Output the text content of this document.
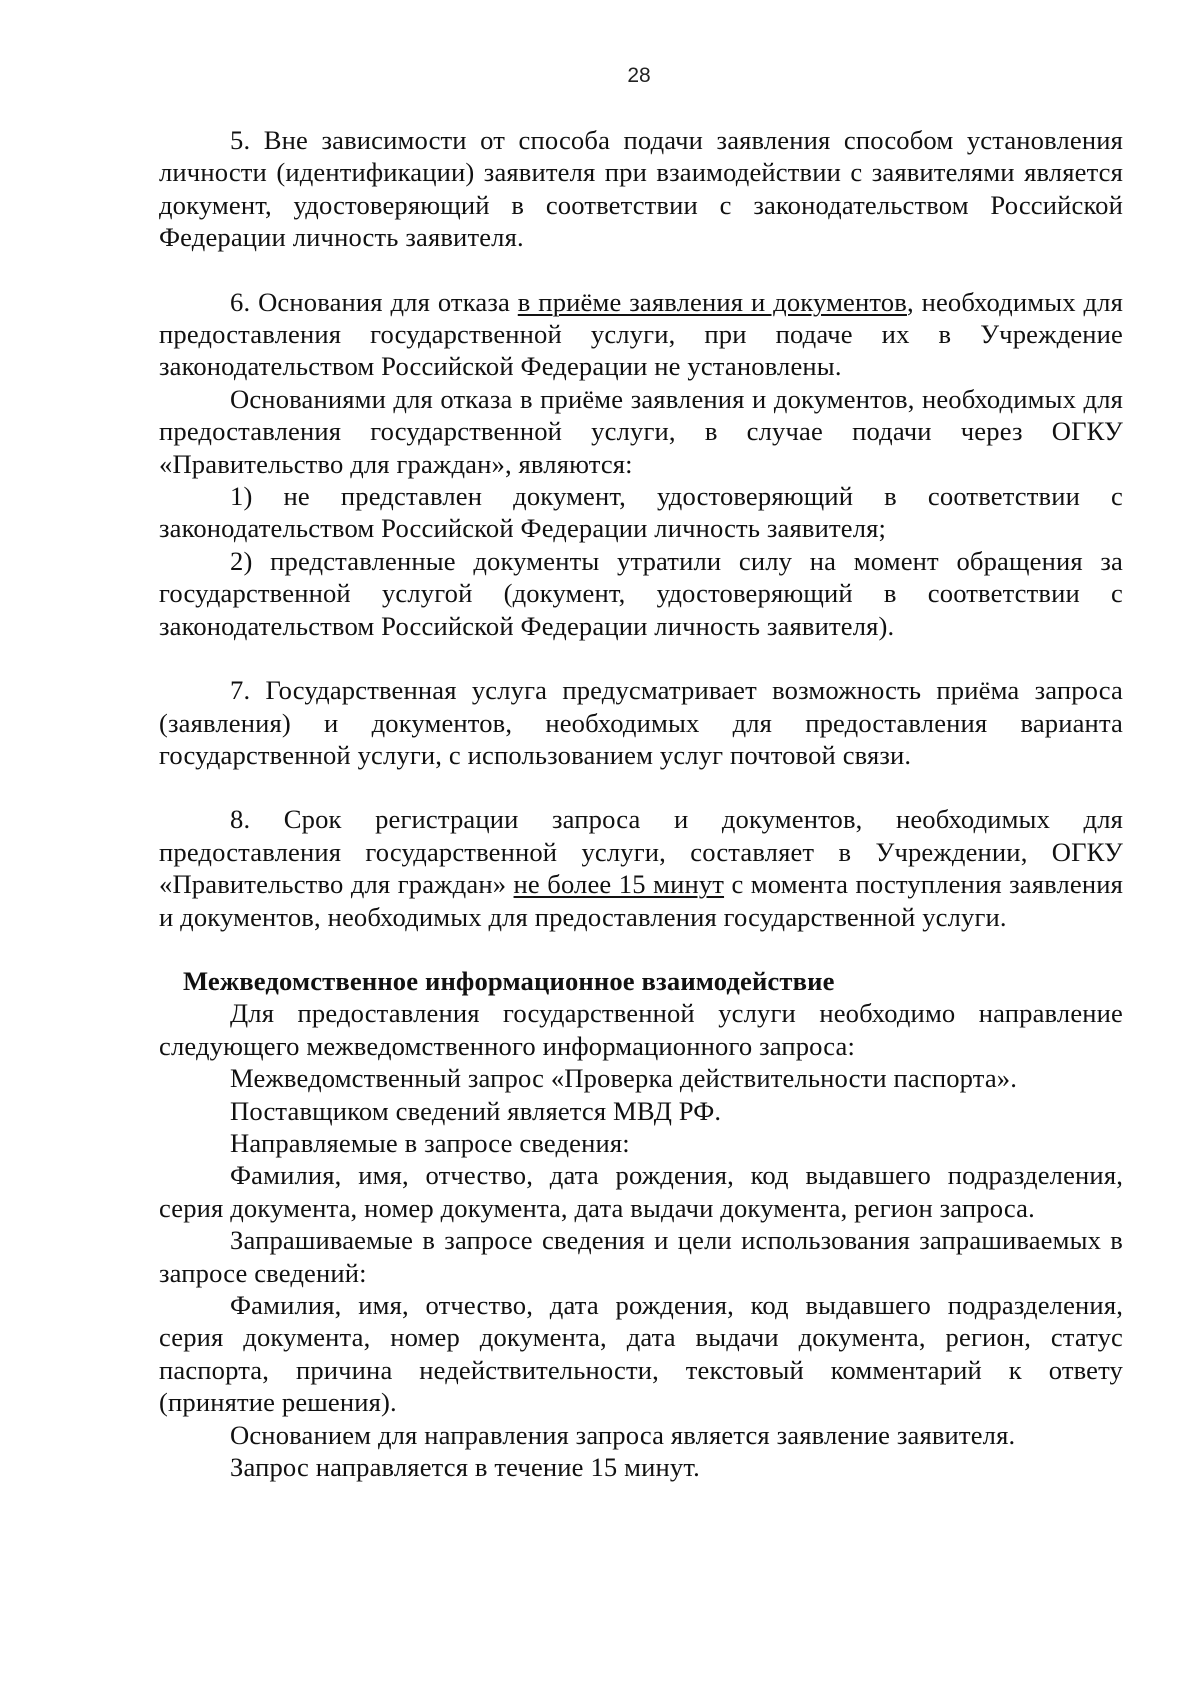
28

5. Вне зависимости от способа подачи заявления способом установления личности (идентификации) заявителя при взаимодействии с заявителями является документ, удостоверяющий в соответствии с законодательством Российской Федерации личность заявителя.

6. Основания для отказа в приёме заявления и документов, необходимых для предоставления государственной услуги, при подаче их в Учреждение законодательством Российской Федерации не установлены.

Основаниями для отказа в приёме заявления и документов, необходимых для предоставления государственной услуги, в случае подачи через ОГКУ «Правительство для граждан», являются:

1) не представлен документ, удостоверяющий в соответствии с законодательством Российской Федерации личность заявителя;

2) представленные документы утратили силу на момент обращения за государственной услугой (документ, удостоверяющий в соответствии с законодательством Российской Федерации личность заявителя).

7. Государственная услуга предусматривает возможность приёма запроса (заявления) и документов, необходимых для предоставления варианта государственной услуги, с использованием услуг почтовой связи.

8. Срок регистрации запроса и документов, необходимых для предоставления государственной услуги, составляет в Учреждении, ОГКУ «Правительство для граждан» не более 15 минут с момента поступления заявления и документов, необходимых для предоставления государственной услуги.

Межведомственное информационное взаимодействие

Для предоставления государственной услуги необходимо направление следующего межведомственного информационного запроса:

Межведомственный запрос «Проверка действительности паспорта».

Поставщиком сведений является МВД РФ.

Направляемые в запросе сведения:

Фамилия, имя, отчество, дата рождения, код выдавшего подразделения, серия документа, номер документа, дата выдачи документа, регион запроса.

Запрашиваемые в запросе сведения и цели использования запрашиваемых в запросе сведений:

Фамилия, имя, отчество, дата рождения, код выдавшего подразделения, серия документа, номер документа, дата выдачи документа, регион, статус паспорта, причина недействительности, текстовый комментарий к ответу (принятие решения).

Основанием для направления запроса является заявление заявителя.

Запрос направляется в течение 15 минут.
